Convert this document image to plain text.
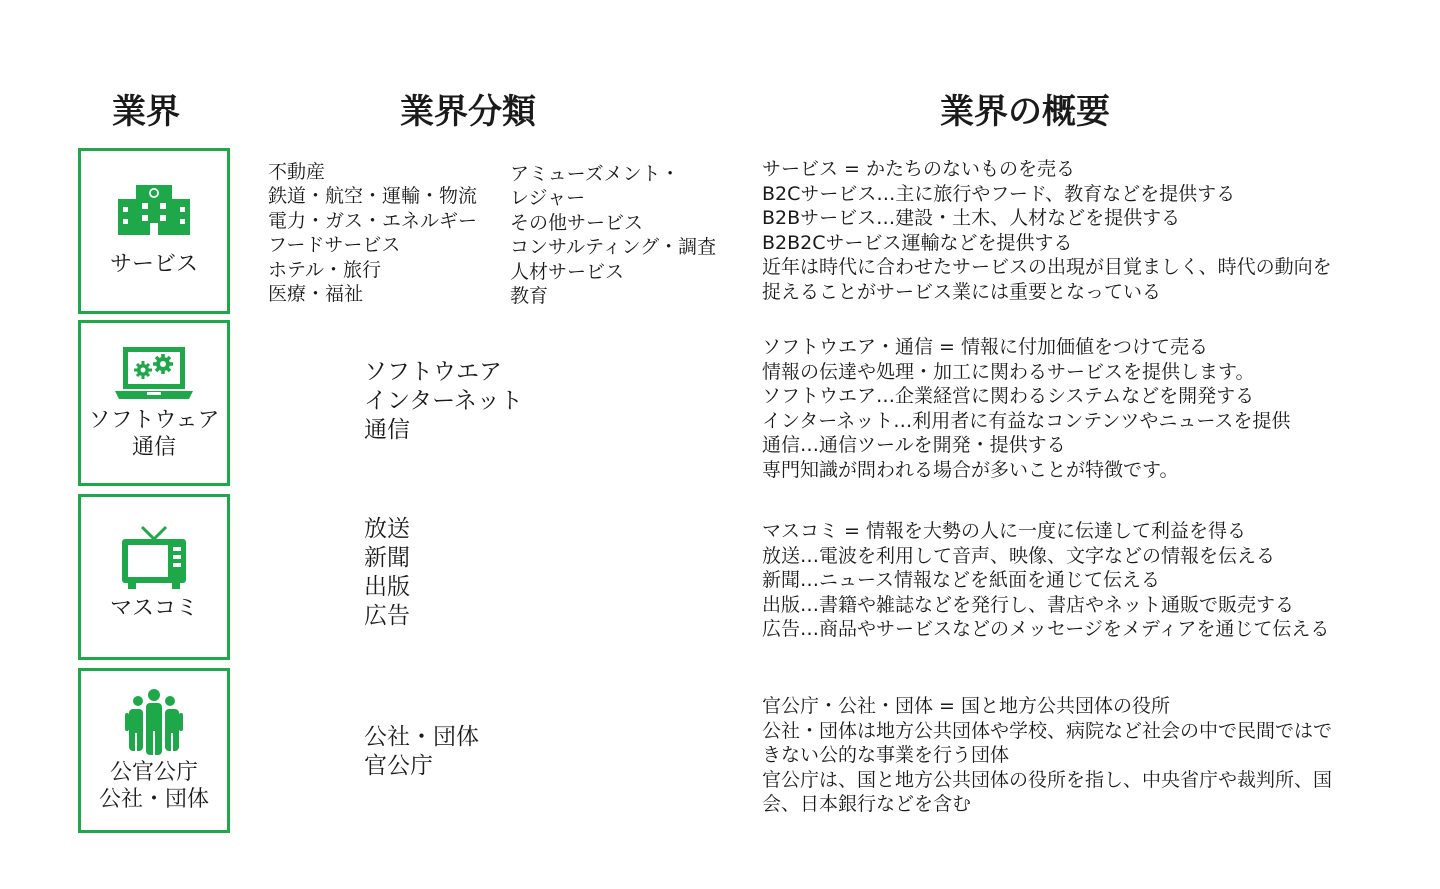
業界	業界分類	業界の概要
サービス
不動産
鉄道・航空・運輸・物流
電力・ガス・エネルギー
フードサービス
ホテル・旅行
医療・福祉
アミューズメント・
レジャー
その他サービス
コンサルティング・調査
人材サービス
教育
サービス = かたちのないものを売る
B2Cサービス…主に旅行やフード、教育などを提供する
B2Bサービス…建設・土木、人材などを提供する
B2B2Cサービス運輸などを提供する
近年は時代に合わせたサービスの出現が目覚ましく、時代の動向を
捉えることがサービス業には重要となっている
ソフトウェア
通信
ソフトウエア
インターネット
通信
ソフトウエア・通信 = 情報に付加価値をつけて売る
情報の伝達や処理・加工に関わるサービスを提供します。
ソフトウエア…企業経営に関わるシステムなどを開発する
インターネット…利用者に有益なコンテンツやニュースを提供
通信…通信ツールを開発・提供する
専門知識が問われる場合が多いことが特徴です。
マスコミ
放送
新聞
出版
広告
マスコミ = 情報を大勢の人に一度に伝達して利益を得る
放送…電波を利用して音声、映像、文字などの情報を伝える
新聞…ニュース情報などを紙面を通じて伝える
出版…書籍や雑誌などを発行し、書店やネット通販で販売する
広告…商品やサービスなどのメッセージをメディアを通じて伝える
公官公庁
公社・団体
公社・団体
官公庁
官公庁・公社・団体 = 国と地方公共団体の役所
公社・団体は地方公共団体や学校、病院など社会の中で民間ではで
きない公的な事業を行う団体
官公庁は、国と地方公共団体の役所を指し、中央省庁や裁判所、国
会、日本銀行などを含む
